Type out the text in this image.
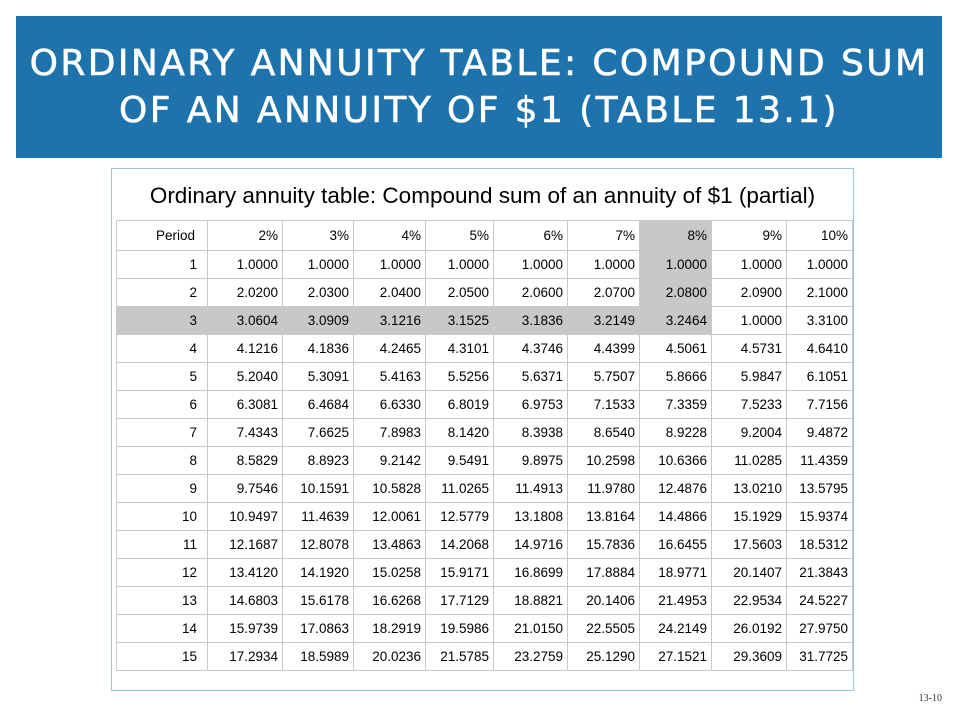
ORDINARY ANNUITY TABLE: COMPOUND SUM OF AN ANNUITY OF $1 (TABLE 13.1)
Ordinary annuity table: Compound sum of an annuity of $1 (partial)
Period	2%	3%	4%	5%	6%	7%	8%	9%	10%
1	1.0000	1.0000	1.0000	1.0000	1.0000	1.0000	1.0000	1.0000	1.0000
2	2.0200	2.0300	2.0400	2.0500	2.0600	2.0700	2.0800	2.0900	2.1000
3	3.0604	3.0909	3.1216	3.1525	3.1836	3.2149	3.2464	1.0000	3.3100
4	4.1216	4.1836	4.2465	4.3101	4.3746	4.4399	4.5061	4.5731	4.6410
5	5.2040	5.3091	5.4163	5.5256	5.6371	5.7507	5.8666	5.9847	6.1051
6	6.3081	6.4684	6.6330	6.8019	6.9753	7.1533	7.3359	7.5233	7.7156
7	7.4343	7.6625	7.8983	8.1420	8.3938	8.6540	8.9228	9.2004	9.4872
8	8.5829	8.8923	9.2142	9.5491	9.8975	10.2598	10.6366	11.0285	11.4359
9	9.7546	10.1591	10.5828	11.0265	11.4913	11.9780	12.4876	13.0210	13.5795
10	10.9497	11.4639	12.0061	12.5779	13.1808	13.8164	14.4866	15.1929	15.9374
11	12.1687	12.8078	13.4863	14.2068	14.9716	15.7836	16.6455	17.5603	18.5312
12	13.4120	14.1920	15.0258	15.9171	16.8699	17.8884	18.9771	20.1407	21.3843
13	14.6803	15.6178	16.6268	17.7129	18.8821	20.1406	21.4953	22.9534	24.5227
14	15.9739	17.0863	18.2919	19.5986	21.0150	22.5505	24.2149	26.0192	27.9750
15	17.2934	18.5989	20.0236	21.5785	23.2759	25.1290	27.1521	29.3609	31.7725
13-10
